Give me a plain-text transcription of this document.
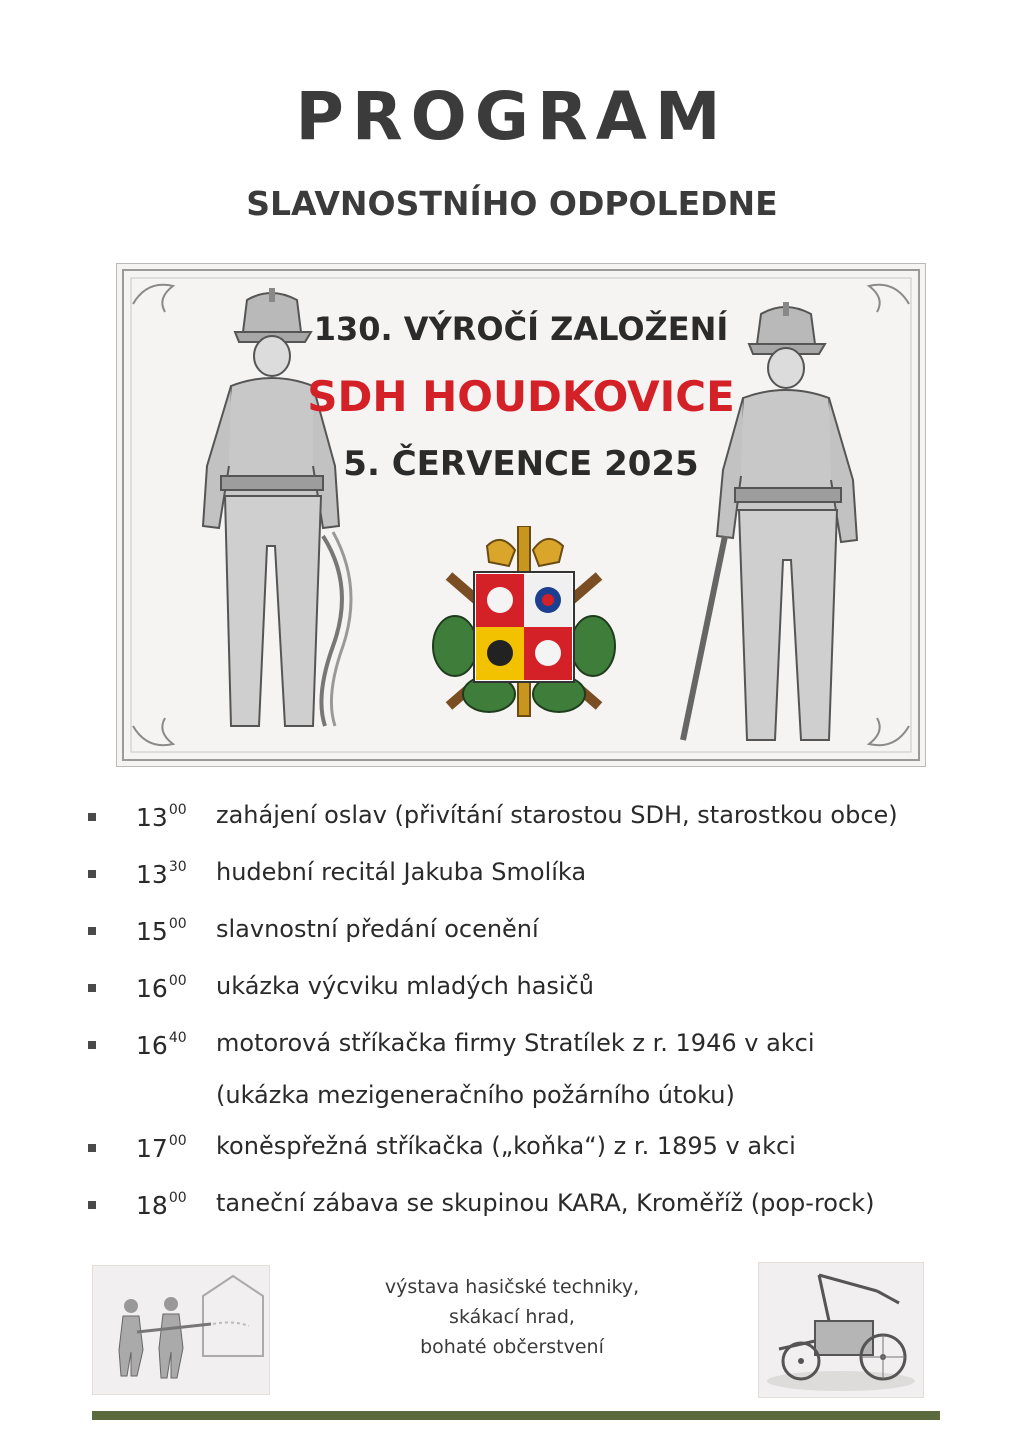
PROGRAM
SLAVNOSTNÍHO ODPOLEDNE
130. VÝROČÍ ZALOŽENÍ
SDH HOUDKOVICE
5. ČERVENCE 2025
$13^{00}$ zahájení oslav (přivítání starostou SDH, starostkou obce)
$13^{30}$ hudební recitál Jakuba Smolíka
$15^{00}$ slavnostní předání ocenění
$16^{00}$ ukázka výcviku mladých hasičů
$16^{40}$ motorová stříkačka firmy Stratílek z r. 1946 v akci
(ukázka mezigeneračního požárního útoku)
$17^{00}$ koněspřežná stříkačka („koňka“) z r. 1895 v akci
$18^{00}$ taneční zábava se skupinou KARA, Kroměříž (pop-rock)
výstava hasičské techniky,
skákací hrad,
bohaté občerstvení
